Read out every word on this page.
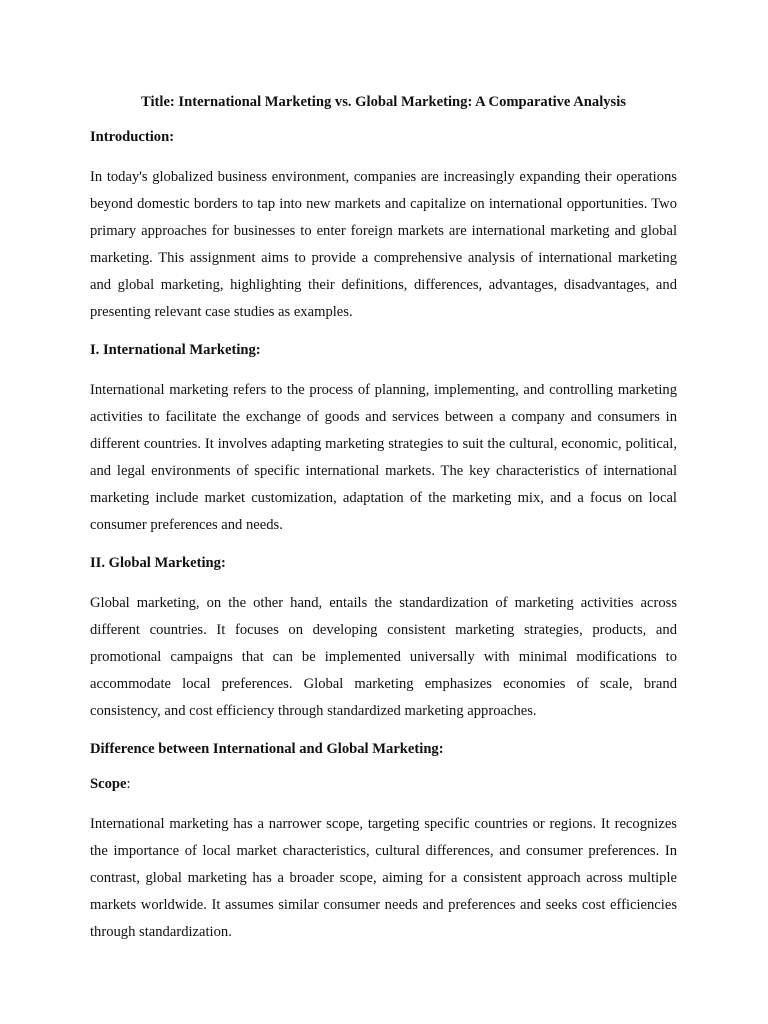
Title: International Marketing vs. Global Marketing: A Comparative Analysis
Introduction:

In today's globalized business environment, companies are increasingly expanding their operations beyond domestic borders to tap into new markets and capitalize on international opportunities. Two primary approaches for businesses to enter foreign markets are international marketing and global marketing. This assignment aims to provide a comprehensive analysis of international marketing and global marketing, highlighting their definitions, differences, advantages, disadvantages, and presenting relevant case studies as examples.

I. International Marketing:

International marketing refers to the process of planning, implementing, and controlling marketing activities to facilitate the exchange of goods and services between a company and consumers in different countries. It involves adapting marketing strategies to suit the cultural, economic, political, and legal environments of specific international markets. The key characteristics of international marketing include market customization, adaptation of the marketing mix, and a focus on local consumer preferences and needs.

II. Global Marketing:

Global marketing, on the other hand, entails the standardization of marketing activities across different countries. It focuses on developing consistent marketing strategies, products, and promotional campaigns that can be implemented universally with minimal modifications to accommodate local preferences. Global marketing emphasizes economies of scale, brand consistency, and cost efficiency through standardized marketing approaches.

Difference between International and Global Marketing:
Scope:

International marketing has a narrower scope, targeting specific countries or regions. It recognizes the importance of local market characteristics, cultural differences, and consumer preferences. In contrast, global marketing has a broader scope, aiming for a consistent approach across multiple markets worldwide. It assumes similar consumer needs and preferences and seeks cost efficiencies through standardization.
